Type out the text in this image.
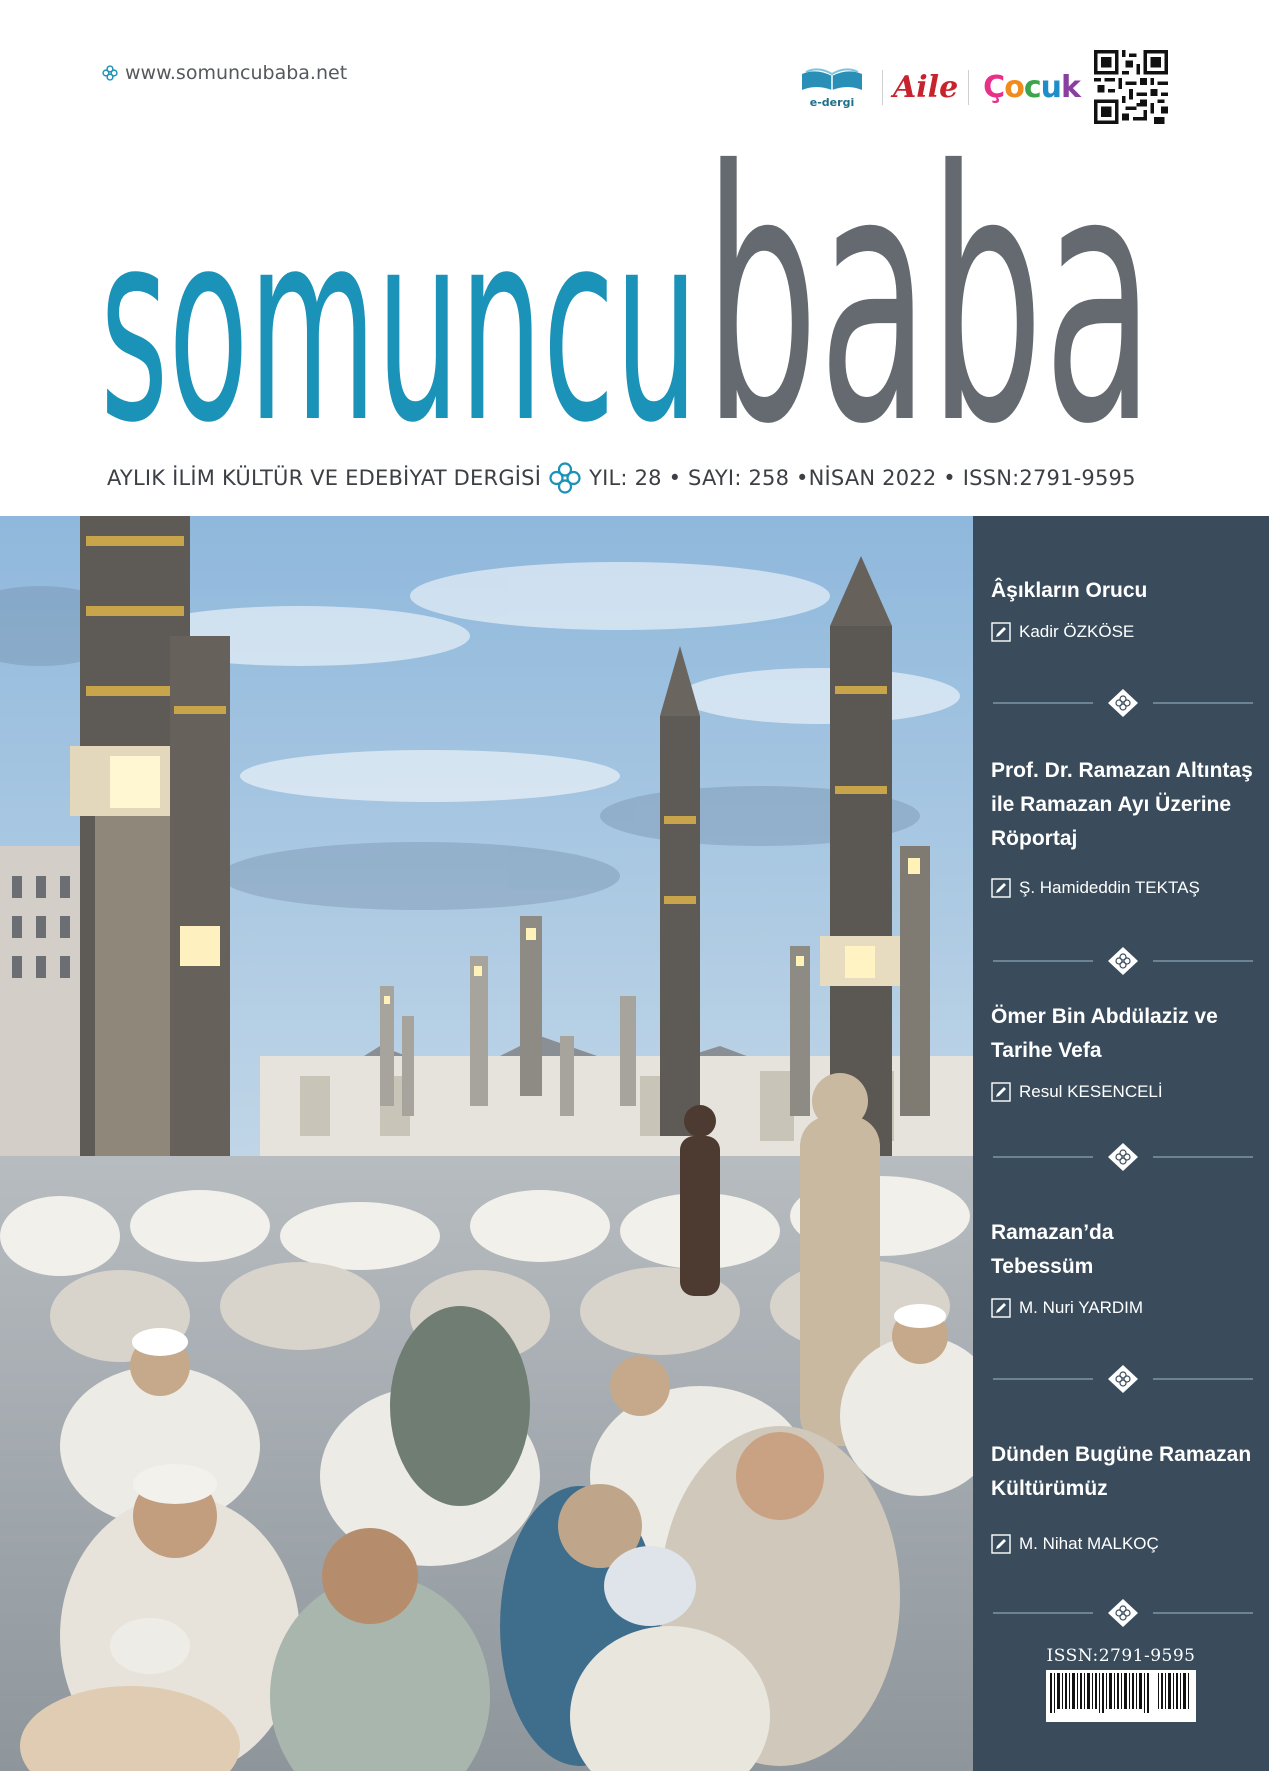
www.somuncubaba.net
e-dergi	Aile Çocuk
somuncu baba
AYLIK İLİM KÜLTÜR VE EDEBİYAT DERGİSİ YIL: 28 • SAYI: 258 •NİSAN 2022 • ISSN:2791-9595
Âşıkların Orucu
Kadir ÖZKÖSE
Prof. Dr. Ramazan Altıntaş ile Ramazan Ayı Üzerine Röportaj
Ş. Hamideddin TEKTAŞ
Ömer Bin Abdülaziz ve Tarihe Vefa
Resul KESENCELİ
Ramazan’da Tebessüm
M. Nuri YARDIM
Dünden Bugüne Ramazan Kültürümüz
M. Nihat MALKOÇ
ISSN:2791-9595
